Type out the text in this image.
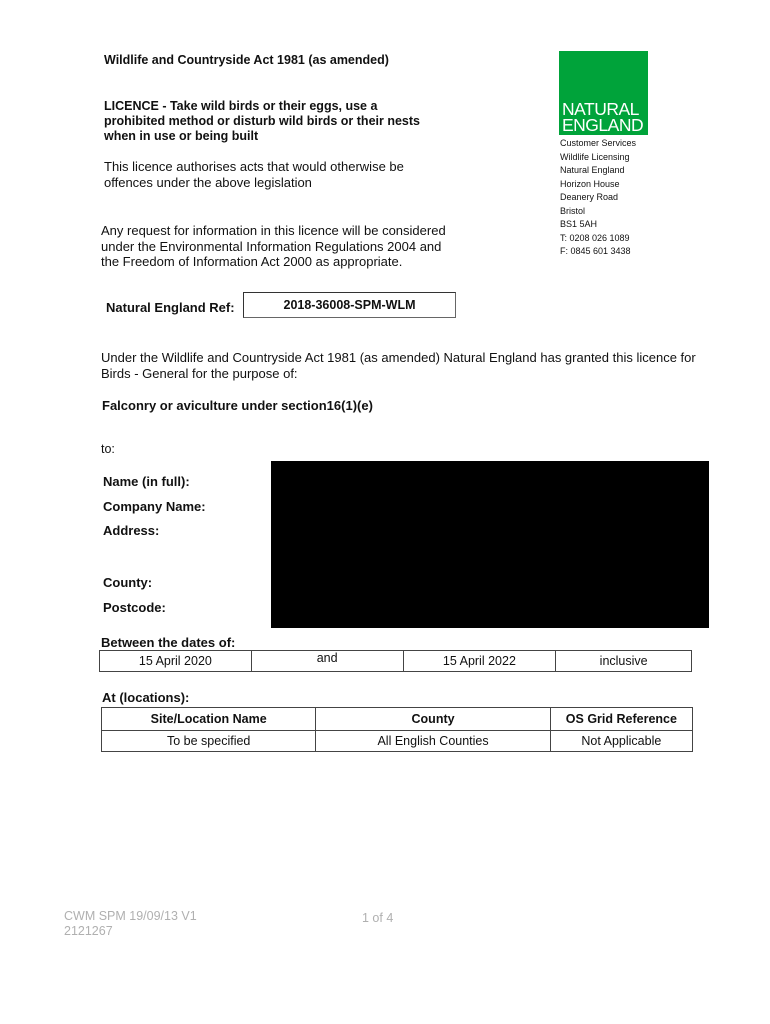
Wildlife and Countryside Act 1981 (as amended)
LICENCE - Take wild birds or their eggs, use a prohibited method or disturb wild birds or their nests when in use or being built
This licence authorises acts that would otherwise be offences under the above legislation
Any request for information in this licence will be considered under the Environmental Information Regulations 2004 and the Freedom of Information Act 2000 as appropriate.
NATURAL
ENGLAND
Customer Services
Wildlife Licensing
Natural England
Horizon House
Deanery Road
Bristol
BS1 5AH
T: 0208 026 1089
F: 0845 601 3438
Natural England Ref:	2018-36008-SPM-WLM
Under the Wildlife and Countryside Act 1981 (as amended) Natural England has granted this licence for Birds - General for the purpose of:
Falconry or aviculture under section16(1)(e)
to:
Name (in full):
Company Name:
Address:
County:
Postcode:
Between the dates of:
15 April 2020	and	15 April 2022	inclusive
At (locations):
Site/Location Name	County	OS Grid Reference
To be specified	All English Counties	Not Applicable
CWM SPM 19/09/13 V1
2121267
1 of 4
